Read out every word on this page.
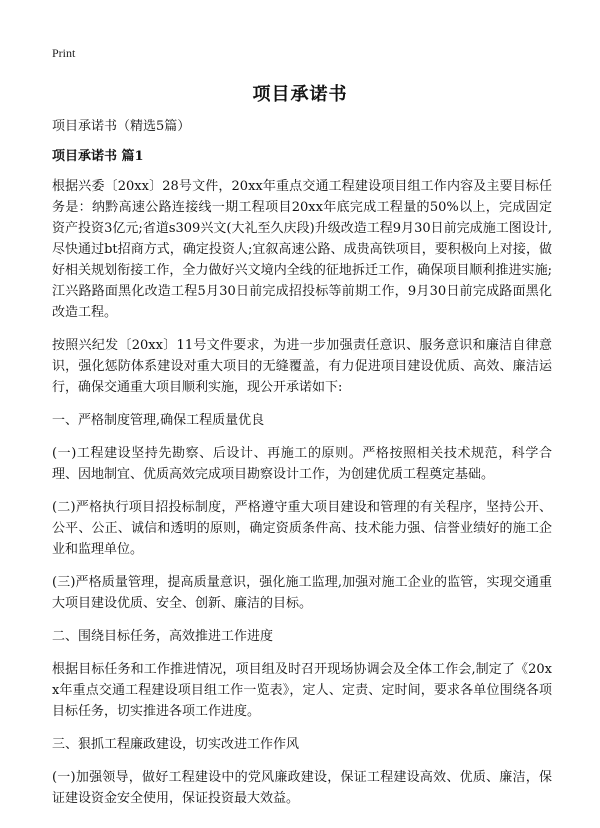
Print
项目承诺书

项目承诺书（精选5篇）

项目承诺书 篇1

根据兴委〔20xx〕28号文件，20xx年重点交通工程建设项目组工作内容及主要目标任务是：纳黔高速公路连接线一期工程项目20xx年底完成工程量的50%以上，完成固定资产投资3亿元;省道s309兴文(大礼至久庆段)升级改造工程9月30日前完成施工图设计,尽快通过bt招商方式，确定投资人;宜叙高速公路、成贵高铁项目，要积极向上对接，做好相关规划衔接工作，全力做好兴文境内全线的征地拆迁工作，确保项目顺利推进实施;江兴路路面黑化改造工程5月30日前完成招投标等前期工作，9月30日前完成路面黑化改造工程。

按照兴纪发〔20xx〕11号文件要求，为进一步加强责任意识、服务意识和廉洁自律意识，强化惩防体系建设对重大项目的无缝覆盖，有力促进项目建设优质、高效、廉洁运行，确保交通重大项目顺利实施，现公开承诺如下:

一、严格制度管理,确保工程质量优良

(一)工程建设坚持先勘察、后设计、再施工的原则。严格按照相关技术规范，科学合理、因地制宜、优质高效完成项目勘察设计工作，为创建优质工程奠定基础。

(二)严格执行项目招投标制度，严格遵守重大项目建设和管理的有关程序，坚持公开、公平、公正、诚信和透明的原则，确定资质条件高、技术能力强、信誉业绩好的施工企业和监理单位。

(三)严格质量管理，提高质量意识，强化施工监理,加强对施工企业的监管，实现交通重大项目建设优质、安全、创新、廉洁的目标。

二、围绕目标任务，高效推进工作进度

根据目标任务和工作推进情况，项目组及时召开现场协调会及全体工作会,制定了《20xx年重点交通工程建设项目组工作一览表》，定人、定责、定时间，要求各单位围绕各项目标任务，切实推进各项工作进度。

三、狠抓工程廉政建设，切实改进工作作风

(一)加强领导，做好工程建设中的党风廉政建设，保证工程建设高效、优质、廉洁，保证建设资金安全使用，保证投资最大效益。
